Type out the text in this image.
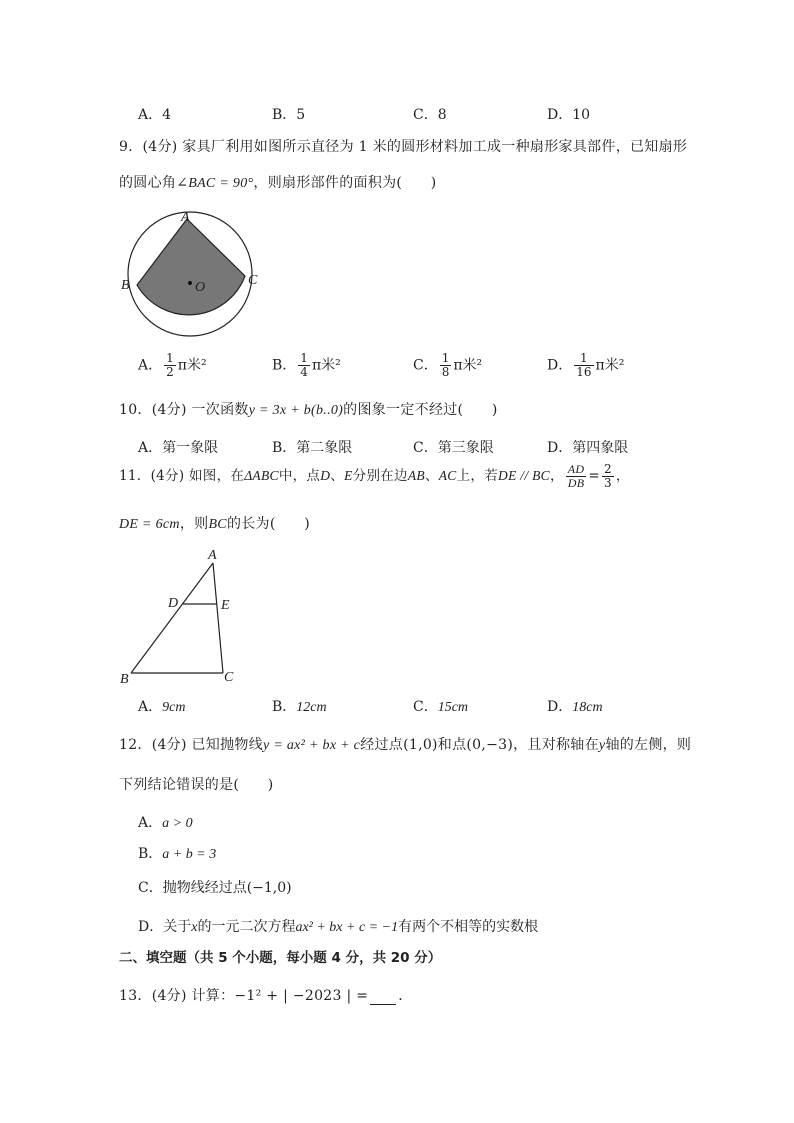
A．4	B．5	C．8	D．10
9．(4分) 家具厂利用如图所示直径为 1 米的圆形材料加工成一种扇形家具部件，已知扇形
的圆心角∠BAC = 90°，则扇形部件的面积为(　　)
A
B	C
O
A． $\frac{1}{2}$ π米²	B． $\frac{1}{4}$ π米²	C． $\frac{1}{8}$ π米²	D． $\frac{1}{16}$ π米²
10．(4分) 一次函数y = 3x + b(b..0)的图象一定不经过(　　)
A．第一象限	B．第二象限	C．第三象限	D．第四象限
11．(4分) 如图，在ΔABC中，点D、E分别在边AB、AC上，若DE // BC， $\frac{AD}{DB} = \frac{2}{3}$ ，
DE = 6cm，则BC的长为(　　)
A
D	E
B	C
A．9cm	B．12cm	C．15cm	D．18cm
12．(4分) 已知抛物线y = ax² + bx + c经过点(1,0)和点(0,−3)，且对称轴在y轴的左侧，则
下列结论错误的是(　　)
A．a > 0
B．a + b = 3
C．抛物线经过点(−1,0)
D．关于x的一元二次方程ax² + bx + c = −1有两个不相等的实数根
二、填空题（共 5 个小题，每小题 4 分，共 20 分）
13．(4分) 计算：−1² + | −2023 | = ．
